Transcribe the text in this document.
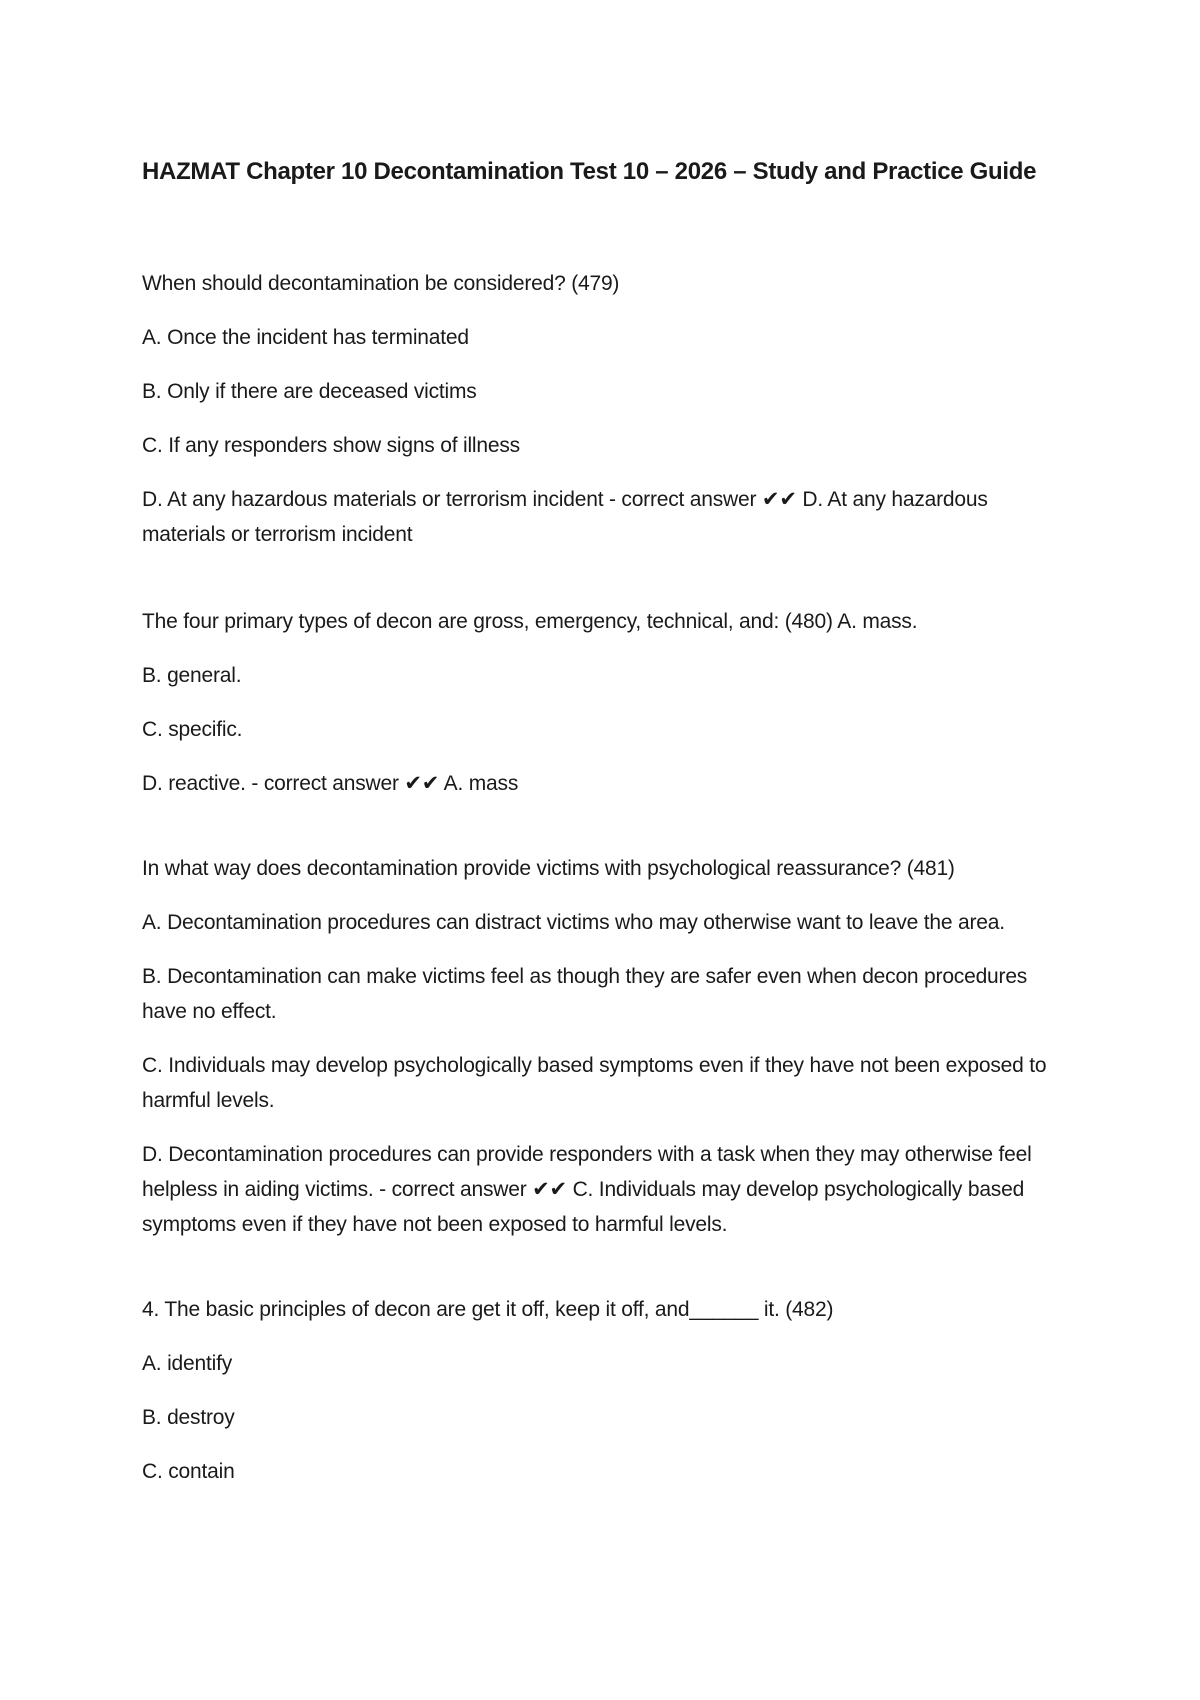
HAZMAT Chapter 10 Decontamination Test 10 – 2026 – Study and Practice Guide

When should decontamination be considered? (479)

A. Once the incident has terminated

B. Only if there are deceased victims

C. If any responders show signs of illness

D. At any hazardous materials or terrorism incident - correct answer ✔✔ D. At any hazardous materials or terrorism incident

The four primary types of decon are gross, emergency, technical, and: (480) A. mass.

B. general.

C. specific.

D. reactive. - correct answer ✔✔ A. mass

In what way does decontamination provide victims with psychological reassurance? (481)

A. Decontamination procedures can distract victims who may otherwise want to leave the area.

B. Decontamination can make victims feel as though they are safer even when decon procedures have no effect.

C. Individuals may develop psychologically based symptoms even if they have not been exposed to harmful levels.

D. Decontamination procedures can provide responders with a task when they may otherwise feel helpless in aiding victims. - correct answer ✔✔ C. Individuals may develop psychologically based symptoms even if they have not been exposed to harmful levels.

4. The basic principles of decon are get it off, keep it off, and______ it. (482)

A. identify

B. destroy

C. contain
